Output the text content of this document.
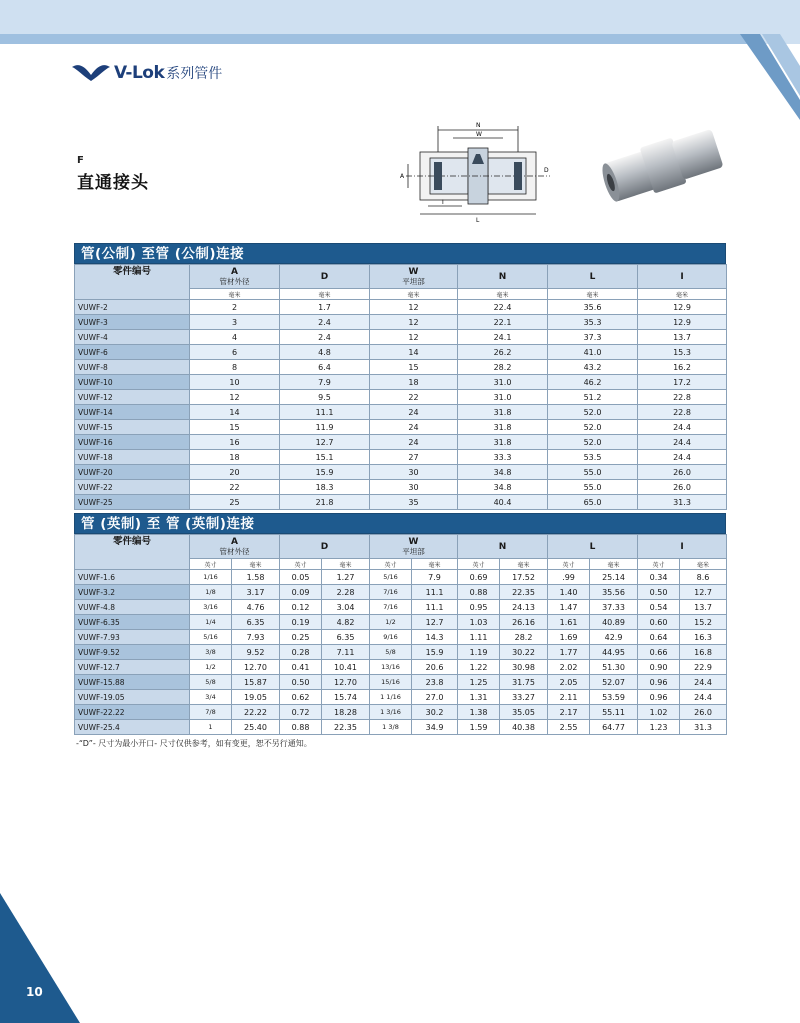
V-Lok 系列管件
F
直通接头
N
W
A
I
L
D
管(公制) 至管 (公制)连接
零件编号	A
管材外径	D	W
平坦部	N	L	I
	毫米	毫米	毫米	毫米	毫米	毫米
VUWF-2	2	1.7	12	22.4	35.6	12.9
VUWF-3	3	2.4	12	22.1	35.3	12.9
VUWF-4	4	2.4	12	24.1	37.3	13.7
VUWF-6	6	4.8	14	26.2	41.0	15.3
VUWF-8	8	6.4	15	28.2	43.2	16.2
VUWF-10	10	7.9	18	31.0	46.2	17.2
VUWF-12	12	9.5	22	31.0	51.2	22.8
VUWF-14	14	11.1	24	31.8	52.0	22.8
VUWF-15	15	11.9	24	31.8	52.0	24.4
VUWF-16	16	12.7	24	31.8	52.0	24.4
VUWF-18	18	15.1	27	33.3	53.5	24.4
VUWF-20	20	15.9	30	34.8	55.0	26.0
VUWF-22	22	18.3	30	34.8	55.0	26.0
VUWF-25	25	21.8	35	40.4	65.0	31.3
管 (英制) 至 管 (英制)连接
零件编号	A
管材外径		D		W
平坦部		N		L		I	
	英寸	毫米	英寸	毫米	英寸	毫米	英寸	毫米	英寸	毫米	英寸	毫米
VUWF-1.6	1/16	1.58	0.05	1.27	5/16	7.9	0.69	17.52	.99	25.14	0.34	8.6
VUWF-3.2	1/8	3.17	0.09	2.28	7/16	11.1	0.88	22.35	1.40	35.56	0.50	12.7
VUWF-4.8	3/16	4.76	0.12	3.04	7/16	11.1	0.95	24.13	1.47	37.33	0.54	13.7
VUWF-6.35	1/4	6.35	0.19	4.82	1/2	12.7	1.03	26.16	1.61	40.89	0.60	15.2
VUWF-7.93	5/16	7.93	0.25	6.35	9/16	14.3	1.11	28.2	1.69	42.9	0.64	16.3
VUWF-9.52	3/8	9.52	0.28	7.11	5/8	15.9	1.19	30.22	1.77	44.95	0.66	16.8
VUWF-12.7	1/2	12.70	0.41	10.41	13/16	20.6	1.22	30.98	2.02	51.30	0.90	22.9
VUWF-15.88	5/8	15.87	0.50	12.70	15/16	23.8	1.25	31.75	2.05	52.07	0.96	24.4
VUWF-19.05	3/4	19.05	0.62	15.74	1 1/16	27.0	1.31	33.27	2.11	53.59	0.96	24.4
VUWF-22.22	7/8	22.22	0.72	18.28	1 3/16	30.2	1.38	35.05	2.17	55.11	1.02	26.0
VUWF-25.4	1	25.40	0.88	22.35	1 3/8	34.9	1.59	40.38	2.55	64.77	1.23	31.3
-“D”- 尺寸为最小开口- 尺寸仅供参考，如有变更，恕不另行通知。
10
